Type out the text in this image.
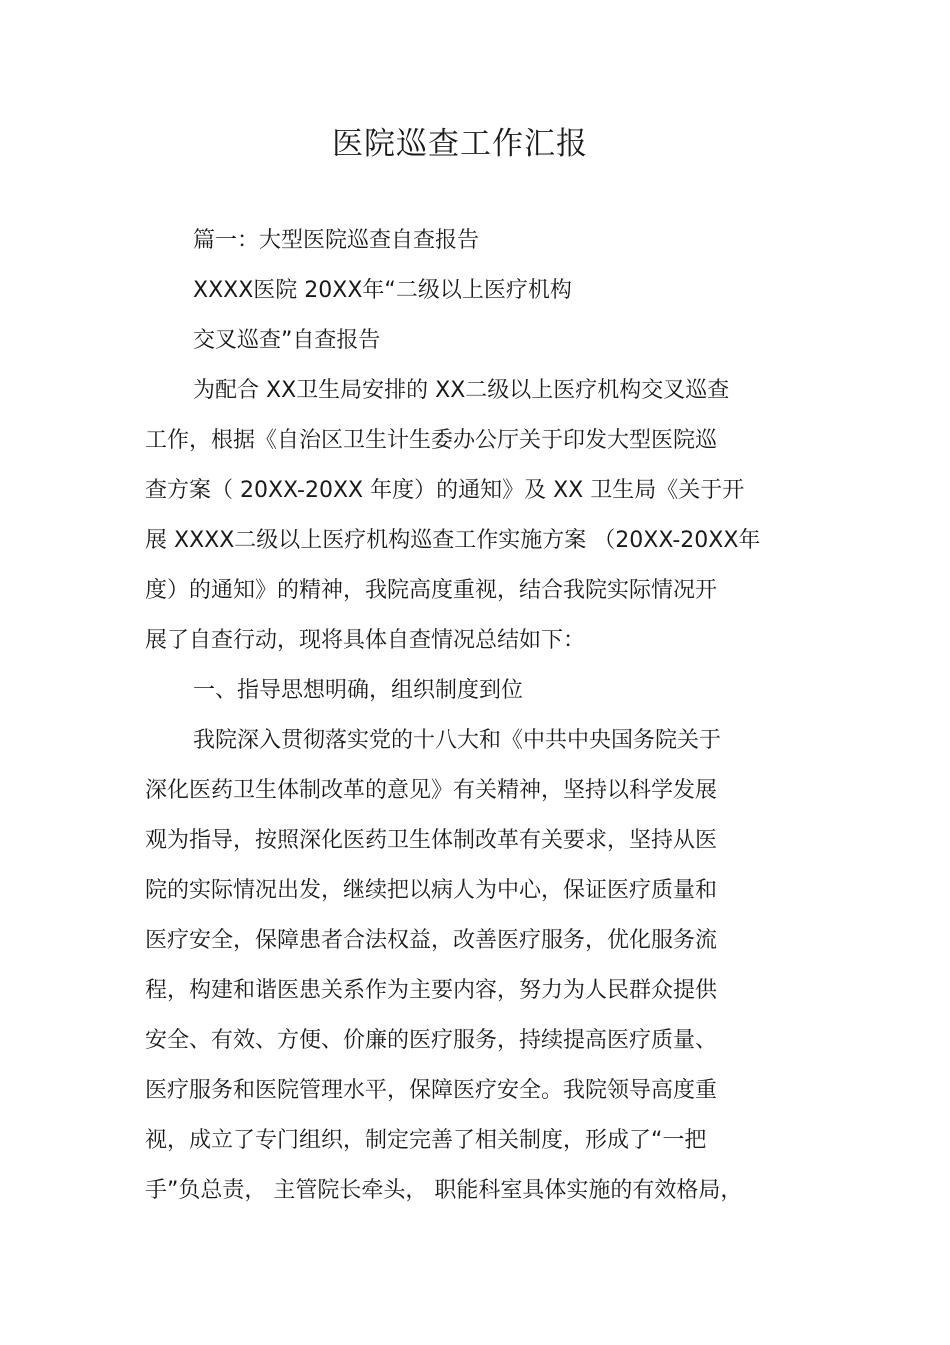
医院巡查工作汇报
篇一：大型医院巡查自查报告
XXXX医院 20XX年“二级以上医疗机构
交叉巡查”自查报告
为配合 XX卫生局安排的 XX二级以上医疗机构交叉巡查
工作，根据《自治区卫生计生委办公厅关于印发大型医院巡
查方案（ 20XX-20XX 年度）的通知》及 XX 卫生局《关于开
展 XXXX二级以上医疗机构巡查工作实施方案 （20XX-20XX年
度）的通知》的精神，我院高度重视，结合我院实际情况开
展了自查行动，现将具体自查情况总结如下：
一、指导思想明确，组织制度到位
我院深入贯彻落实党的十八大和《中共中央国务院关于
深化医药卫生体制改革的意见》有关精神，坚持以科学发展
观为指导，按照深化医药卫生体制改革有关要求，坚持从医
院的实际情况出发，继续把以病人为中心，保证医疗质量和
医疗安全，保障患者合法权益，改善医疗服务，优化服务流
程，构建和谐医患关系作为主要内容，努力为人民群众提供
安全、有效、方便、价廉的医疗服务，持续提高医疗质量、
医疗服务和医院管理水平，保障医疗安全。我院领导高度重
视，成立了专门组织，制定完善了相关制度，形成了“一把
手”负总责， 主管院长牵头， 职能科室具体实施的有效格局，
